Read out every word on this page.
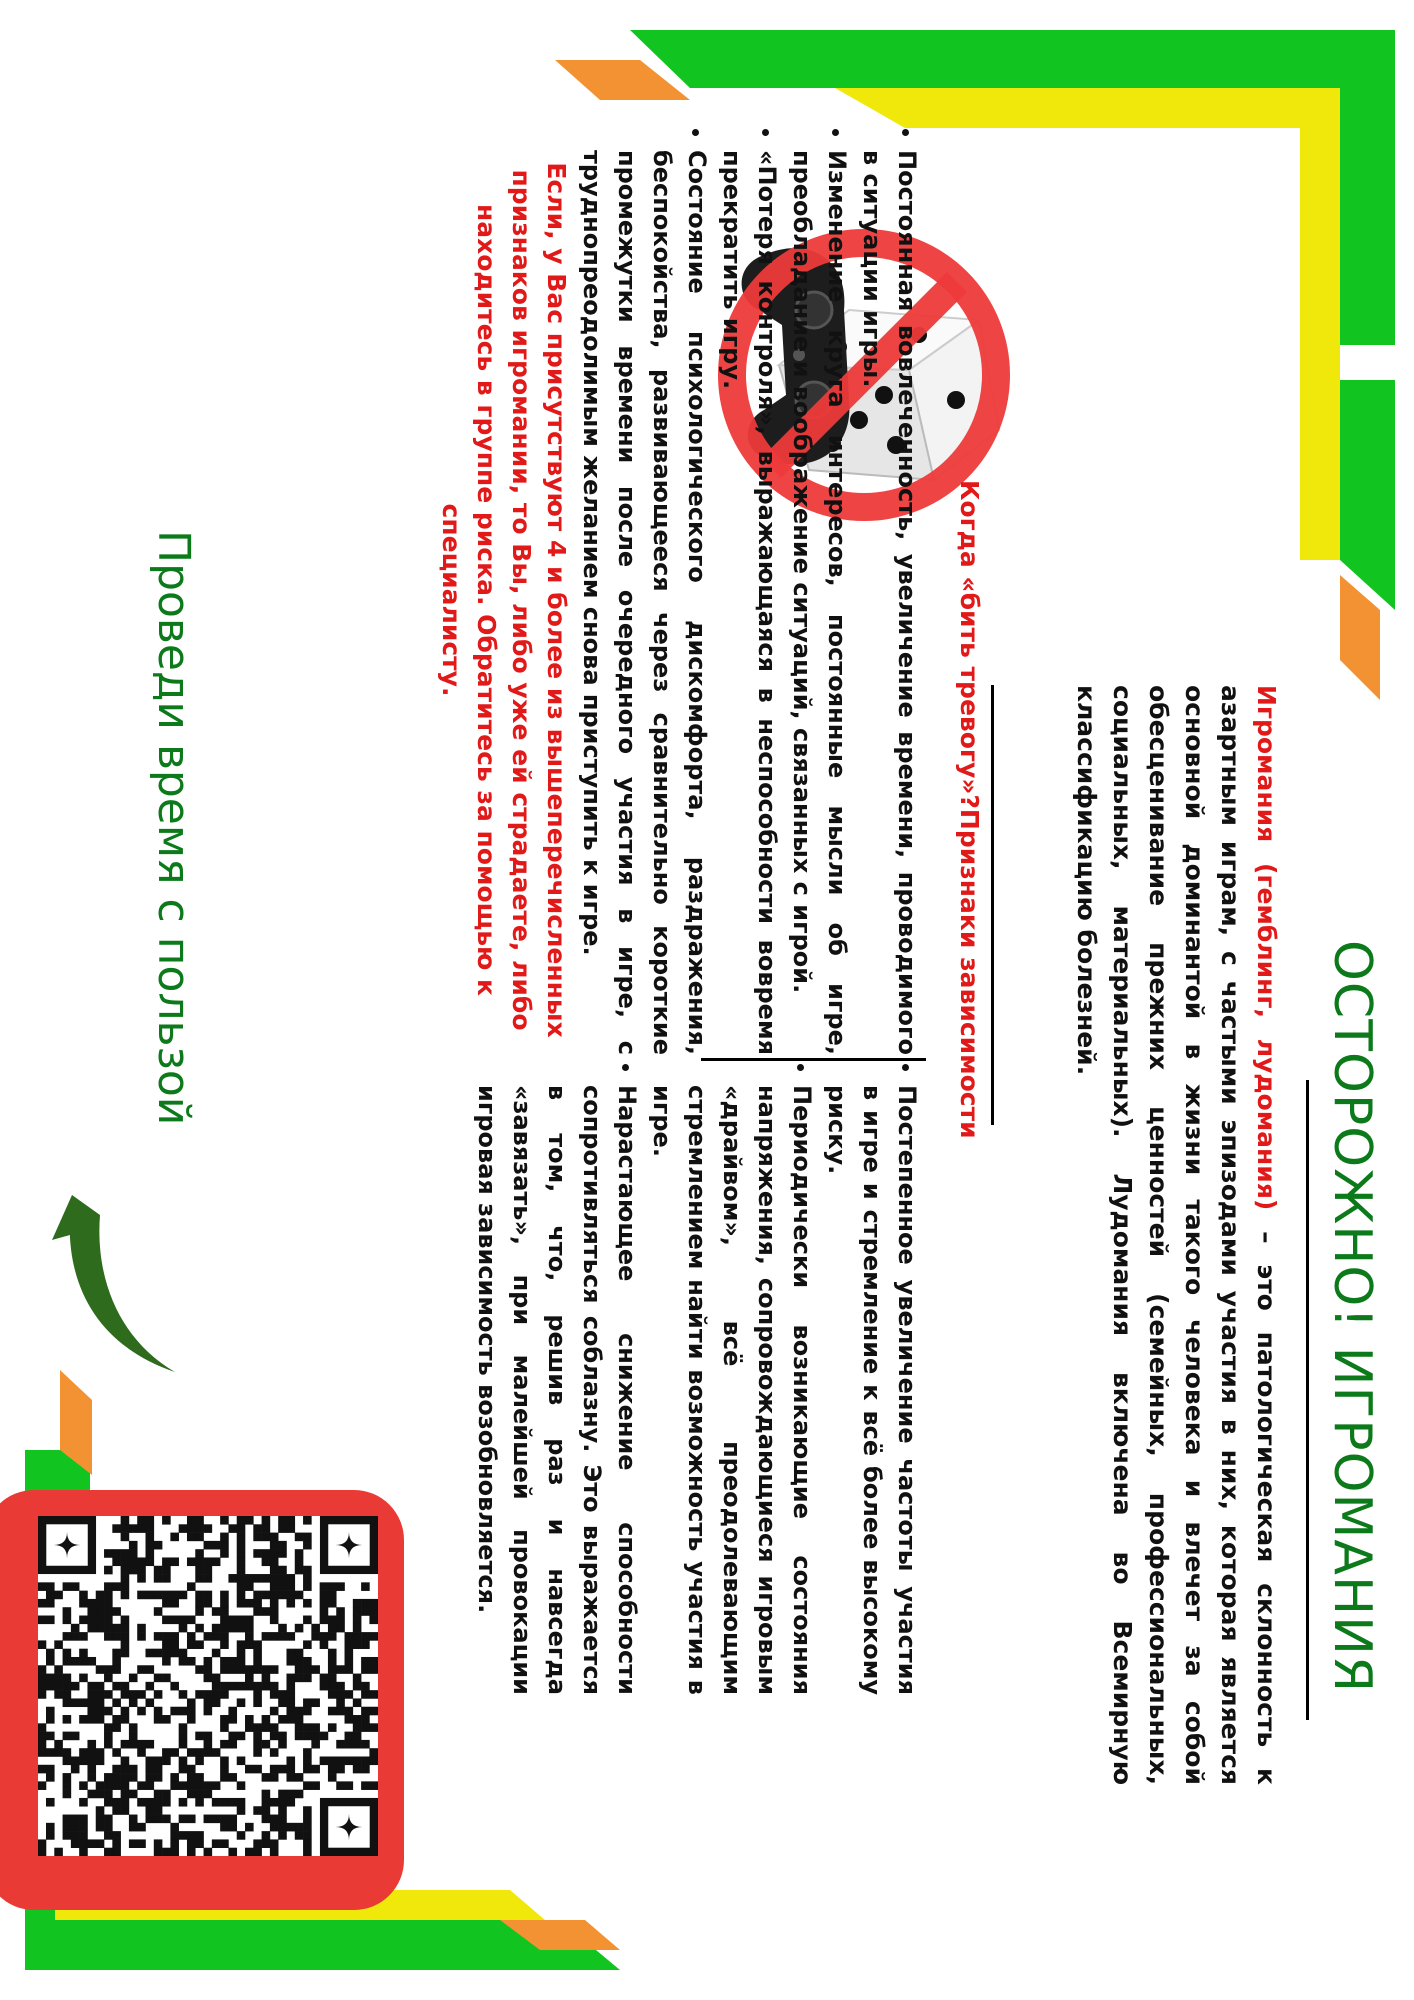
ОСТОРОЖНО! ИГРОМАНИЯ
Игромания (гемблинг, лудомания) – это патологическая склонность к азартным играм, с частыми эпизодами участия в них, которая является основной доминантой в жизни такого человека и влечет за собой обесценивание прежних ценностей (семейных, профессиональных, социальных, материальных). Лудомания включена во Всемирную классификацию болезней.
Когда «бить тревогу»?Признаки зависимости
• Постоянная вовлеченность, увеличение времени, проводимого в ситуации игры.
• Изменение круга интересов, постоянные мысли об игре, преобладание и воображение ситуаций, связанных с игрой.
• «Потеря контроля», выражающаяся в неспособности вовремя прекратить игру.
• Состояние психологического дискомфорта, раздражения, беспокойства, развивающееся через сравнительно короткие промежутки времени после очередного участия в игре, с труднопреодолимым желанием снова приступить к игре.
• Постепенное увеличение частоты участия в игре и стремление к всё более высокому риску.
• Периодически возникающие состояния напряжения, сопровождающиеся игровым «драйвом», всё преодолевающим стремлением найти возможность участия в игре.
• Нарастающее снижение способности сопротивляться соблазну. Это выражается в том, что, решив раз и навсегда «завязать», при малейшей провокации игровая зависимость возобновляется.
Если, у Вас присутствуют 4 и более из вышеперечисленных признаков игромании, то Вы, либо уже ей страдаете, либо находитесь в группе риска. Обратитесь за помощью к специалисту.
Проведи время с пользой
